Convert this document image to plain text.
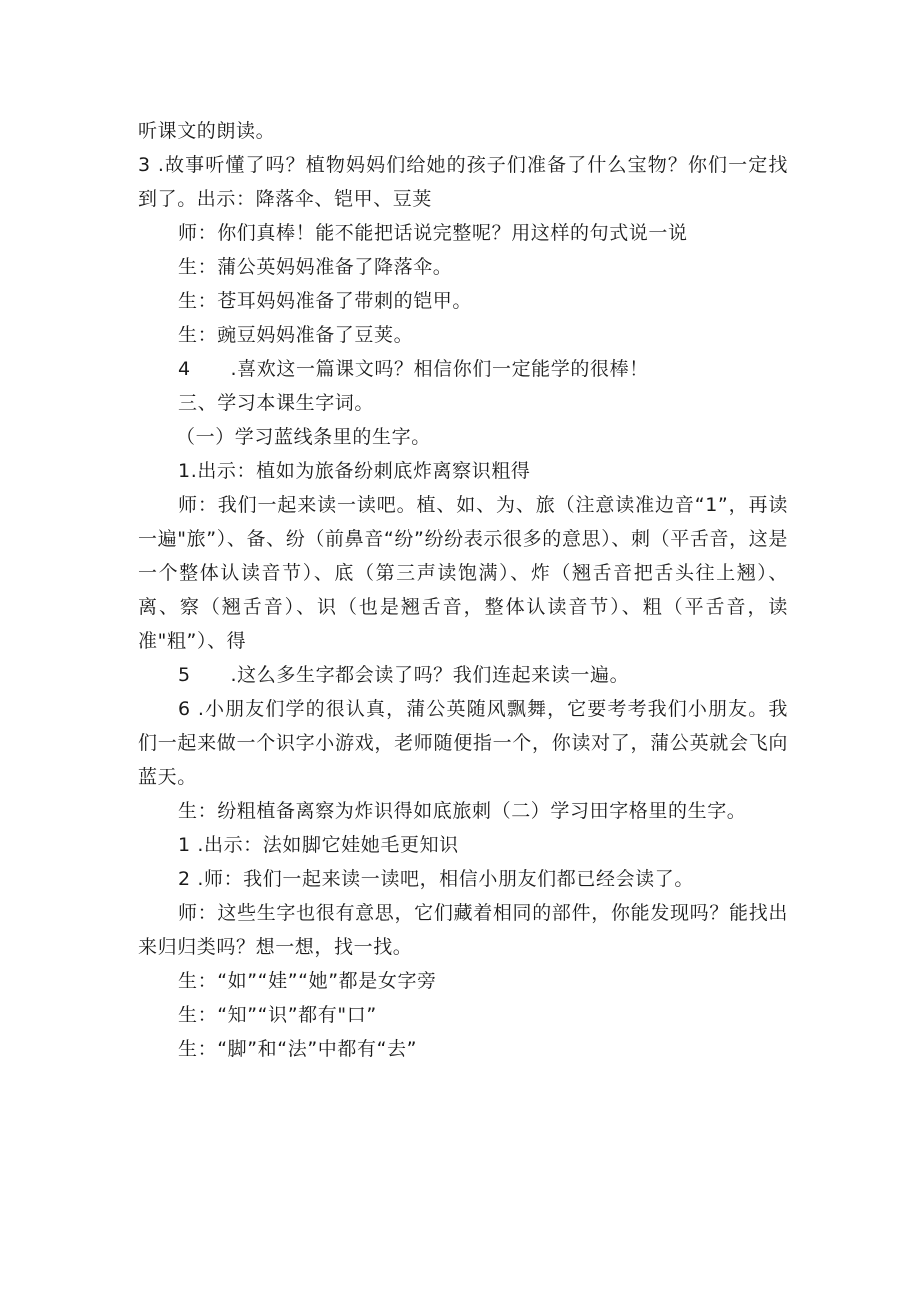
听课文的朗读。

3 .故事听懂了吗？植物妈妈们给她的孩子们准备了什么宝物？你们一定找到了。出示：降落伞、铠甲、豆荚

师：你们真棒！能不能把话说完整呢？用这样的句式说一说

生：蒲公英妈妈准备了降落伞。

生：苍耳妈妈准备了带刺的铠甲。

生：豌豆妈妈准备了豆荚。

4      .喜欢这一篇课文吗？相信你们一定能学的很棒！

三、学习本课生字词。

（一）学习蓝线条里的生字。

1.出示：植如为旅备纷刺底炸离察识粗得

师：我们一起来读一读吧。植、如、为、旅（注意读准边音“1”，再读一遍"旅”）、备、纷（前鼻音“纷”纷纷表示很多的意思）、刺（平舌音，这是一个整体认读音节）、底（第三声读饱满）、炸（翘舌音把舌头往上翘）、离、察（翘舌音）、识（也是翘舌音，整体认读音节）、粗（平舌音，读准"粗”）、得

5      .这么多生字都会读了吗？我们连起来读一遍。

6 .小朋友们学的很认真，蒲公英随风飘舞，它要考考我们小朋友。我们一起来做一个识字小游戏，老师随便指一个，你读对了，蒲公英就会飞向蓝天。

生：纷粗植备离察为炸识得如底旅刺（二）学习田字格里的生字。

1 .出示：法如脚它娃她毛更知识

2 .师：我们一起来读一读吧，相信小朋友们都已经会读了。

师：这些生字也很有意思，它们藏着相同的部件，你能发现吗？能找出来归归类吗？想一想，找一找。

生：“如”“娃”“她”都是女字旁

生：“知”“识”都有"口”

生：“脚”和“法”中都有“去”
